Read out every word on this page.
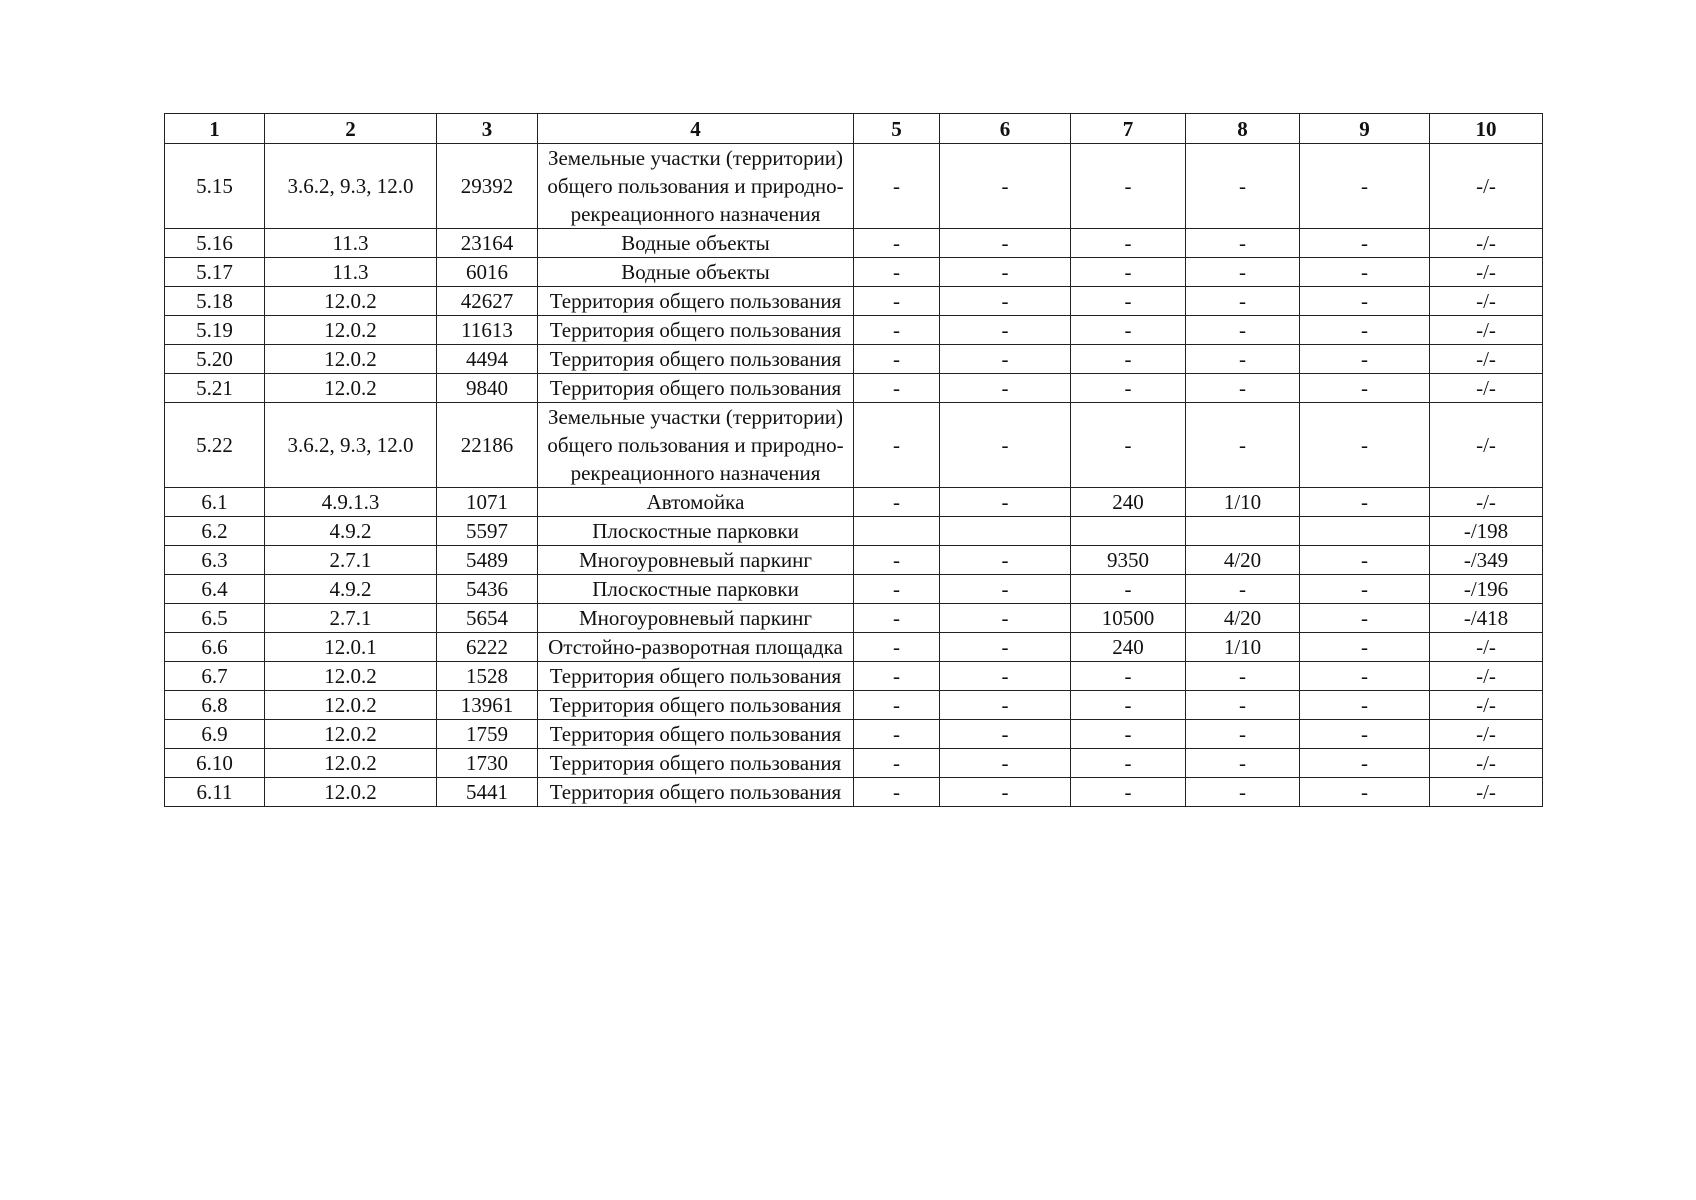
1	2	3	4	5	6	7	8	9	10
5.15	3.6.2, 9.3, 12.0	29392	Земельные участки (территории) общего пользования и природно-рекреационного назначения	-	-	-	-	-	-/-
5.16	11.3	23164	Водные объекты	-	-	-	-	-	-/-
5.17	11.3	6016	Водные объекты	-	-	-	-	-	-/-
5.18	12.0.2	42627	Территория общего пользования	-	-	-	-	-	-/-
5.19	12.0.2	11613	Территория общего пользования	-	-	-	-	-	-/-
5.20	12.0.2	4494	Территория общего пользования	-	-	-	-	-	-/-
5.21	12.0.2	9840	Территория общего пользования	-	-	-	-	-	-/-
5.22	3.6.2, 9.3, 12.0	22186	Земельные участки (территории) общего пользования и природно-рекреационного назначения	-	-	-	-	-	-/-
6.1	4.9.1.3	1071	Автомойка	-	-	240	1/10	-	-/-
6.2	4.9.2	5597	Плоскостные парковки						-/198
6.3	2.7.1	5489	Многоуровневый паркинг	-	-	9350	4/20	-	-/349
6.4	4.9.2	5436	Плоскостные парковки	-	-	-	-	-	-/196
6.5	2.7.1	5654	Многоуровневый паркинг	-	-	10500	4/20	-	-/418
6.6	12.0.1	6222	Отстойно-разворотная площадка	-	-	240	1/10	-	-/-
6.7	12.0.2	1528	Территория общего пользования	-	-	-	-	-	-/-
6.8	12.0.2	13961	Территория общего пользования	-	-	-	-	-	-/-
6.9	12.0.2	1759	Территория общего пользования	-	-	-	-	-	-/-
6.10	12.0.2	1730	Территория общего пользования	-	-	-	-	-	-/-
6.11	12.0.2	5441	Территория общего пользования	-	-	-	-	-	-/-
